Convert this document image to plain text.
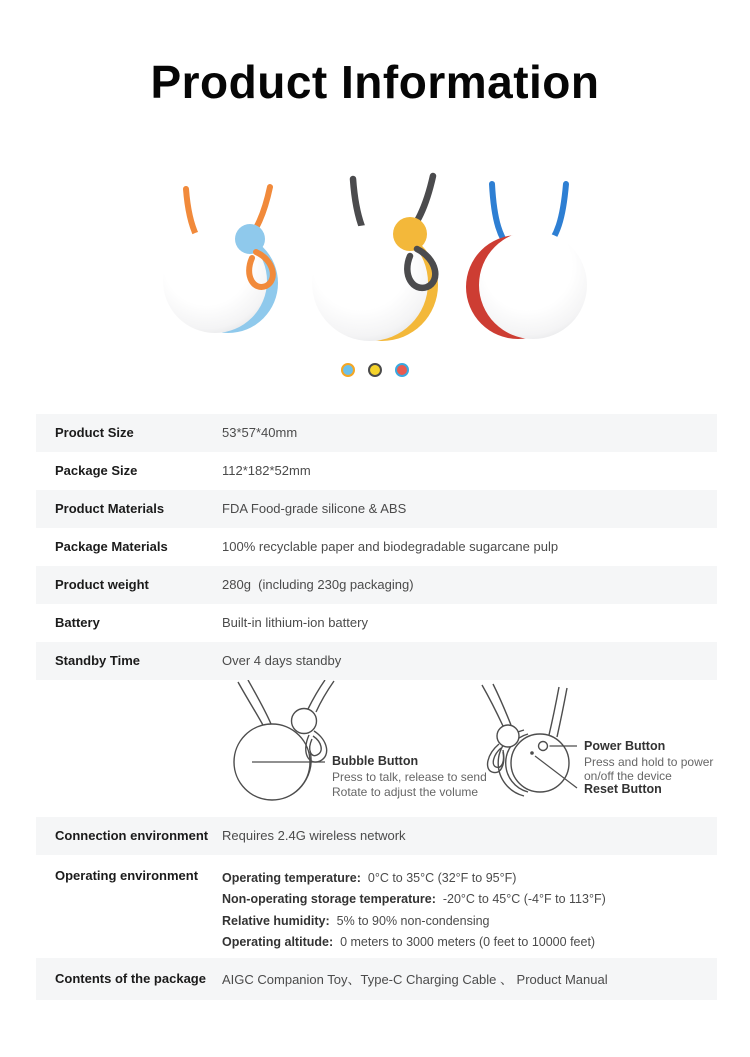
Product Information
Product Size	53*57*40mm
Package Size	112*182*52mm
Product Materials	FDA Food-grade silicone & ABS
Package Materials	100% recyclable paper and biodegradable sugarcane pulp
Product weight	280g  (including 230g packaging)
Battery	Built-in lithium-ion battery
Standby Time	Over 4 days standby
Bubble Button
Press to talk, release to send
Rotate to adjust the volume
Power Button
Press and hold to power
on/off the device
Reset Button
Connection environment	Requires 2.4G wireless network
Operating environment	Operating temperature:  0°C to 35°C (32°F to 95°F)
Non-operating storage temperature:  -20°C to 45°C (-4°F to 113°F)
Relative humidity:  5% to 90% non-condensing
Operating altitude:  0 meters to 3000 meters (0 feet to 10000 feet)
Contents of the package	AIGC Companion Toy、Type-C Charging Cable 、 Product Manual
